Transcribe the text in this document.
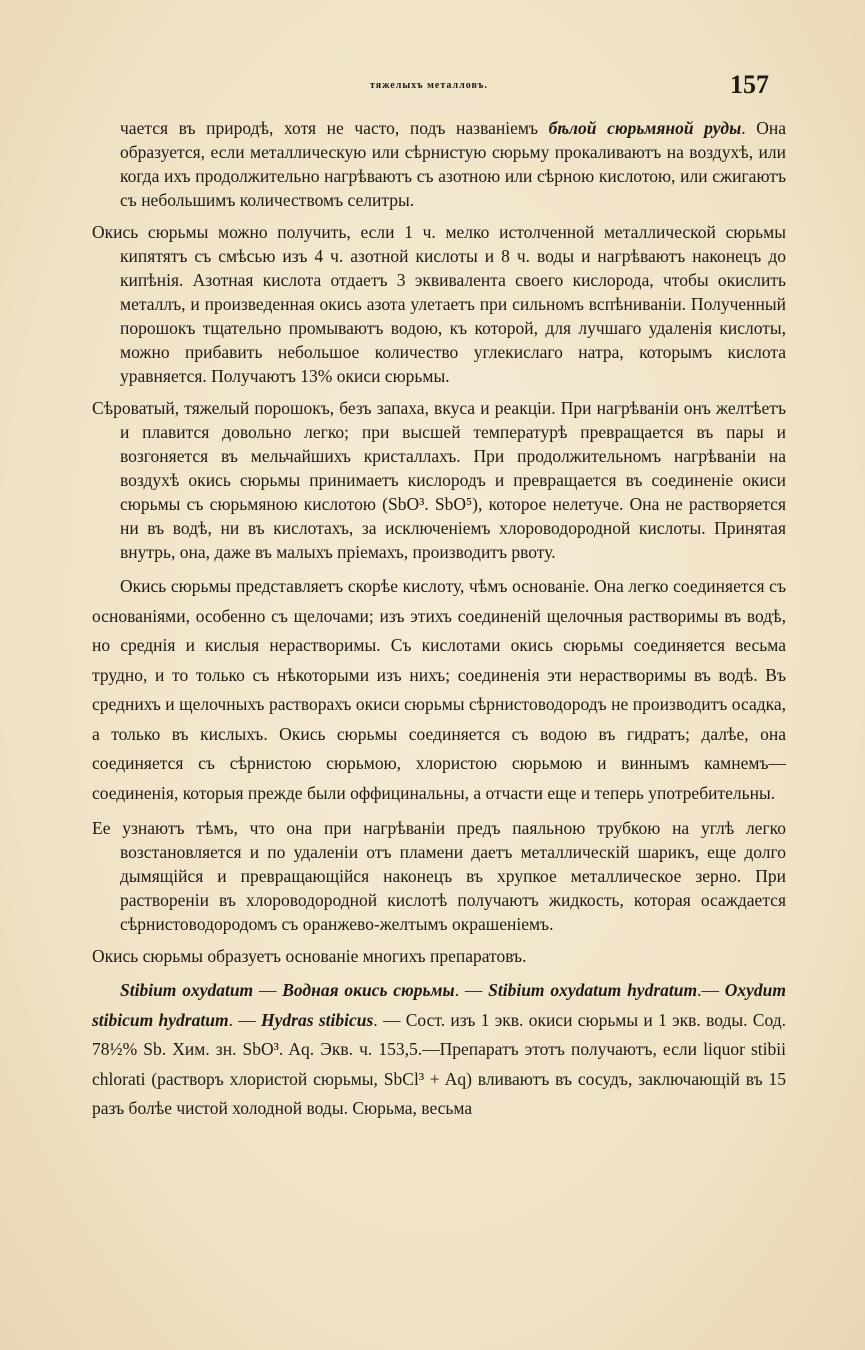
тяжелыхъ металловъ.	157

чается въ природѣ, хотя не часто, подъ названіемъ бѣлой сюрьмяной руды. Она образуется, если металлическую или сѣрнистую сюрьму прокаливаютъ на воздухѣ, или когда ихъ продолжительно нагрѣваютъ съ азотною или сѣрною кислотою, или сжигаютъ съ небольшимъ количествомъ селитры.

Окись сюрьмы можно получить, если 1 ч. мелко истолченной металлической сюрьмы кипятятъ съ смѣсью изъ 4 ч. азотной кислоты и 8 ч. воды и нагрѣваютъ наконецъ до кипѣнія. Азотная кислота отдаетъ 3 эквивалента своего кислорода, чтобы окислить металлъ, и произведенная окись азота улетаетъ при сильномъ вспѣниваніи. Полученный порошокъ тщательно промываютъ водою, къ которой, для лучшаго удаленія кислоты, можно прибавить небольшое количество углекислаго натра, которымъ кислота уравняется. Получаютъ 13% окиси сюрьмы.

Сѣроватый, тяжелый порошокъ, безъ запаха, вкуса и реакціи. При нагрѣваніи онъ желтѣетъ и плавится довольно легко; при высшей температурѣ превращается въ пары и возгоняется въ мельчайшихъ кристаллахъ. При продолжительномъ нагрѣваніи на воздухѣ окись сюрьмы принимаетъ кислородъ и превращается въ соединеніе окиси сюрьмы съ сюрьмяною кислотою (SbO³. SbO⁵), которое нелетуче. Она не растворяется ни въ водѣ, ни въ кислотахъ, за исключеніемъ хлороводородной кислоты. Принятая внутрь, она, даже въ малыхъ пріемахъ, производитъ рвоту.

Окись сюрьмы представляетъ скорѣе кислоту, чѣмъ основаніе. Она легко соединяется съ основаніями, особенно съ щелочами; изъ этихъ соединеній щелочныя растворимы въ водѣ, но среднія и кислыя нерастворимы. Съ кислотами окись сюрьмы соединяется весьма трудно, и то только съ нѣкоторыми изъ нихъ; соединенія эти нерастворимы въ водѣ. Въ среднихъ и щелочныхъ растворахъ окиси сюрьмы сѣрнистоводородъ не производитъ осадка, а только въ кислыхъ. Окись сюрьмы соединяется съ водою въ гидратъ; далѣе, она соединяется съ сѣрнистою сюрьмою, хлористою сюрьмою и виннымъ камнемъ—соединенія, которыя прежде были оффицинальны, а отчасти еще и теперь употребительны.

Ее узнаютъ тѣмъ, что она при нагрѣваніи предъ паяльною трубкою на углѣ легко возстановляется и по удаленіи отъ пламени даетъ металлическій шарикъ, еще долго дымящійся и превращающійся наконецъ въ хрупкое металлическое зерно. При раствореніи въ хлороводородной кислотѣ получаютъ жидкость, которая осаждается сѣрнистоводородомъ съ оранжево-желтымъ окрашеніемъ.

Окись сюрьмы образуетъ основаніе многихъ препаратовъ.

Stibium oxydatum — Водная окись сюрьмы. — Stibium oxydatum hydratum.— Oxydum stibicum hydratum. — Hydras stibicus. — Сост. изъ 1 экв. окиси сюрьмы и 1 экв. воды. Сод. 78½% Sb. Хим. зн. SbO³. Aq. Экв. ч. 153,5.—Препаратъ этотъ получаютъ, если liquor stibii chlorati (растворъ хлористой сюрьмы, SbCl³ + Aq) вливаютъ въ сосудъ, заключающій въ 15 разъ болѣе чистой холодной воды. Сюрьма, весьма
